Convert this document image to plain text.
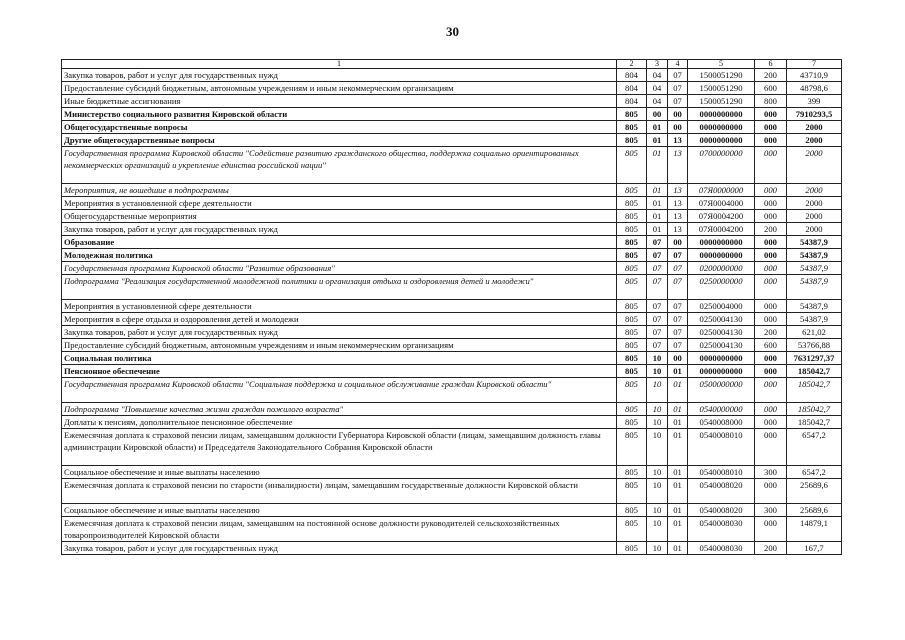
30
1	2	3	4	5	6	7
Закупка товаров, работ и услуг для государственных нужд	804	04	07	1500051290	200	43710,9
Предоставление субсидий бюджетным, автономным учреждениям и иным некоммерческим организациям	804	04	07	1500051290	600	48798,6
Иные бюджетные ассигнования	804	04	07	1500051290	800	399
Министерство социального развития Кировской области	805	00	00	0000000000	000	7910293,5
Общегосударственные вопросы	805	01	00	0000000000	000	2000
Другие общегосударственные вопросы	805	01	13	0000000000	000	2000
Государственная программа Кировской области "Содействие развитию гражданского общества, поддержка социально ориентированных некоммерческих организаций и укрепление единства российской нации"	805	01	13	0700000000	000	2000
Мероприятия, не вошедшие в подпрограммы	805	01	13	07Я0000000	000	2000
Мероприятия в установленной сфере деятельности	805	01	13	07Я0004000	000	2000
Общегосударственные мероприятия	805	01	13	07Я0004200	000	2000
Закупка товаров, работ и услуг для государственных нужд	805	01	13	07Я0004200	200	2000
Образование	805	07	00	0000000000	000	54387,9
Молодежная политика	805	07	07	0000000000	000	54387,9
Государственная программа Кировской области "Развитие образования"	805	07	07	0200000000	000	54387,9
Подпрограмма "Реализация государственной молодежной политики и организация отдыха и оздоровления детей и молодежи"	805	07	07	0250000000	000	54387,9
Мероприятия в установленной сфере деятельности	805	07	07	0250004000	000	54387,9
Мероприятия в сфере отдыха и оздоровления детей и молодежи	805	07	07	0250004130	000	54387,9
Закупка товаров, работ и услуг для государственных нужд	805	07	07	0250004130	200	621,02
Предоставление субсидий бюджетным, автономным учреждениям и иным некоммерческим организациям	805	07	07	0250004130	600	53766,88
Социальная политика	805	10	00	0000000000	000	7631297,37
Пенсионное обеспечение	805	10	01	0000000000	000	185042,7
Государственная программа Кировской области "Социальная поддержка и социальное обслуживание граждан Кировской области"	805	10	01	0500000000	000	185042,7
Подпрограмма "Повышение качества жизни граждан пожилого возраста"	805	10	01	0540000000	000	185042,7
Доплаты к пенсиям, дополнительное пенсионное обеспечение	805	10	01	0540008000	000	185042,7
Ежемесячная доплата к страховой пенсии лицам, замещавшим должности Губернатора Кировской области (лицам, замещавшим должность главы администрации Кировской области) и Председателя Законодательного Собрания Кировской области	805	10	01	0540008010	000	6547,2
Социальное обеспечение и иные выплаты населению	805	10	01	0540008010	300	6547,2
Ежемесячная доплата к страховой пенсии по старости (инвалидности) лицам, замещавшим государственные должности Кировской области	805	10	01	0540008020	000	25689,6
Социальное обеспечение и иные выплаты населению	805	10	01	0540008020	300	25689,6
Ежемесячная доплата к страховой пенсии лицам, замещавшим на постоянной основе должности руководителей сельскохозяйственных товаропроизводителей Кировской области	805	10	01	0540008030	000	14879,1
Закупка товаров, работ и услуг для государственных нужд	805	10	01	0540008030	200	167,7
